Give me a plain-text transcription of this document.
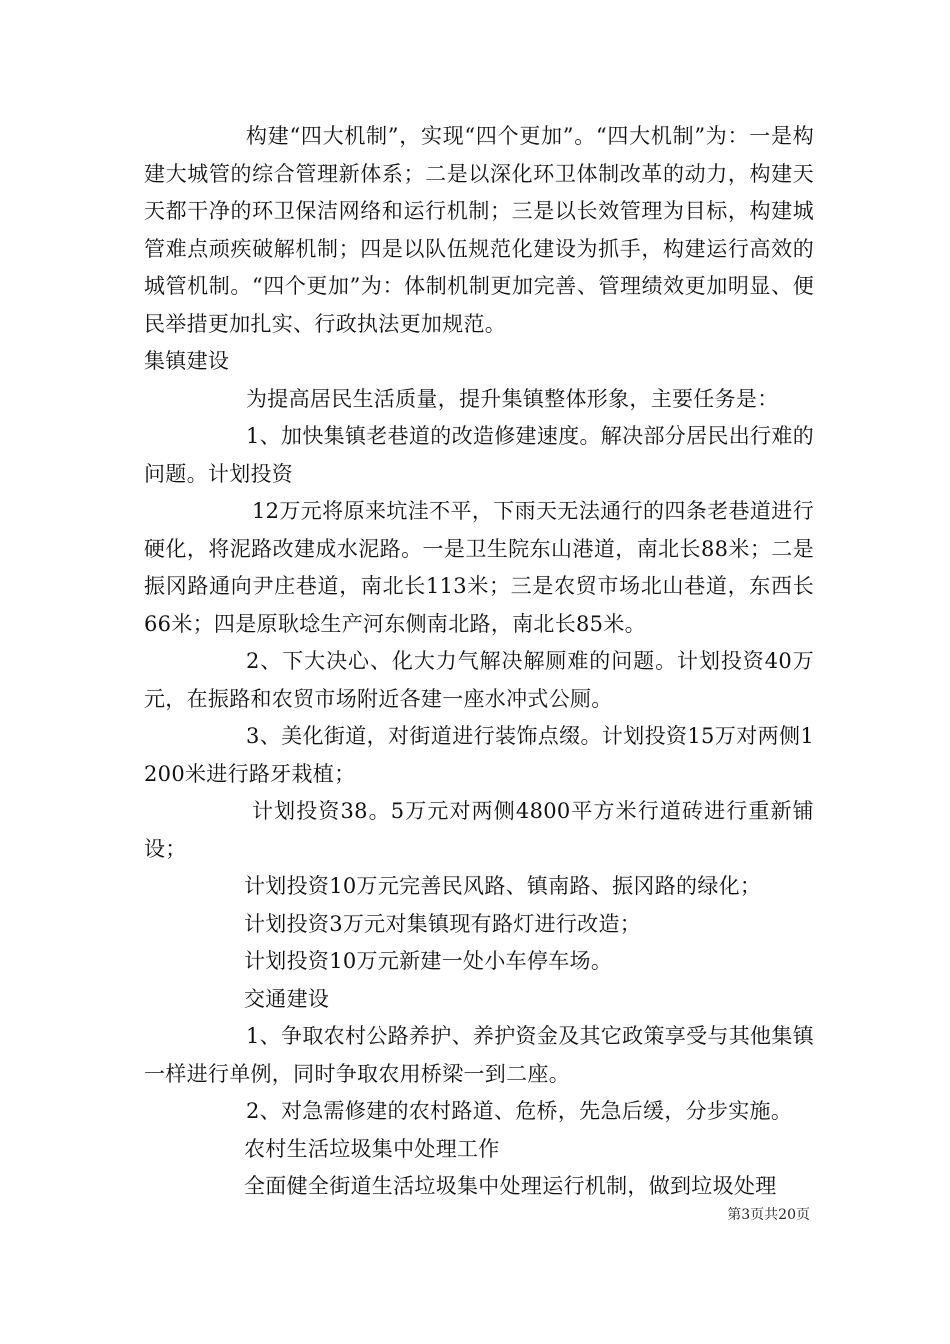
构建“四大机制”，实现“四个更加”。“四大机制”为：一是构建大城管的综合管理新体系；二是以深化环卫体制改革的动力，构建天天都干净的环卫保洁网络和运行机制；三是以长效管理为目标，构建城管难点顽疾破解机制；四是以队伍规范化建设为抓手，构建运行高效的城管机制。“四个更加”为：体制机制更加完善、管理绩效更加明显、便民举措更加扎实、行政执法更加规范。

集镇建设

为提高居民生活质量，提升集镇整体形象，主要任务是：

1、加快集镇老巷道的改造修建速度。解决部分居民出行难的问题。计划投资

12万元将原来坑洼不平，下雨天无法通行的四条老巷道进行硬化，将泥路改建成水泥路。一是卫生院东山港道，南北长88米；二是振冈路通向尹庄巷道，南北长113米；三是农贸市场北山巷道，东西长66米；四是原耿埝生产河东侧南北路，南北长85米。

2、下大决心、化大力气解决解厕难的问题。计划投资40万元，在振路和农贸市场附近各建一座水冲式公厕。

3、美化街道，对街道进行装饰点缀。计划投资15万对两侧1200米进行路牙栽植；

计划投资38。5万元对两侧4800平方米行道砖进行重新铺设；

计划投资10万元完善民风路、镇南路、振冈路的绿化；

计划投资3万元对集镇现有路灯进行改造；

计划投资10万元新建一处小车停车场。

交通建设

1、争取农村公路养护、养护资金及其它政策享受与其他集镇一样进行单例，同时争取农用桥梁一到二座。

2、对急需修建的农村路道、危桥，先急后缓，分步实施。

农村生活垃圾集中处理工作

全面健全街道生活垃圾集中处理运行机制，做到垃圾处理

第3页共20页
